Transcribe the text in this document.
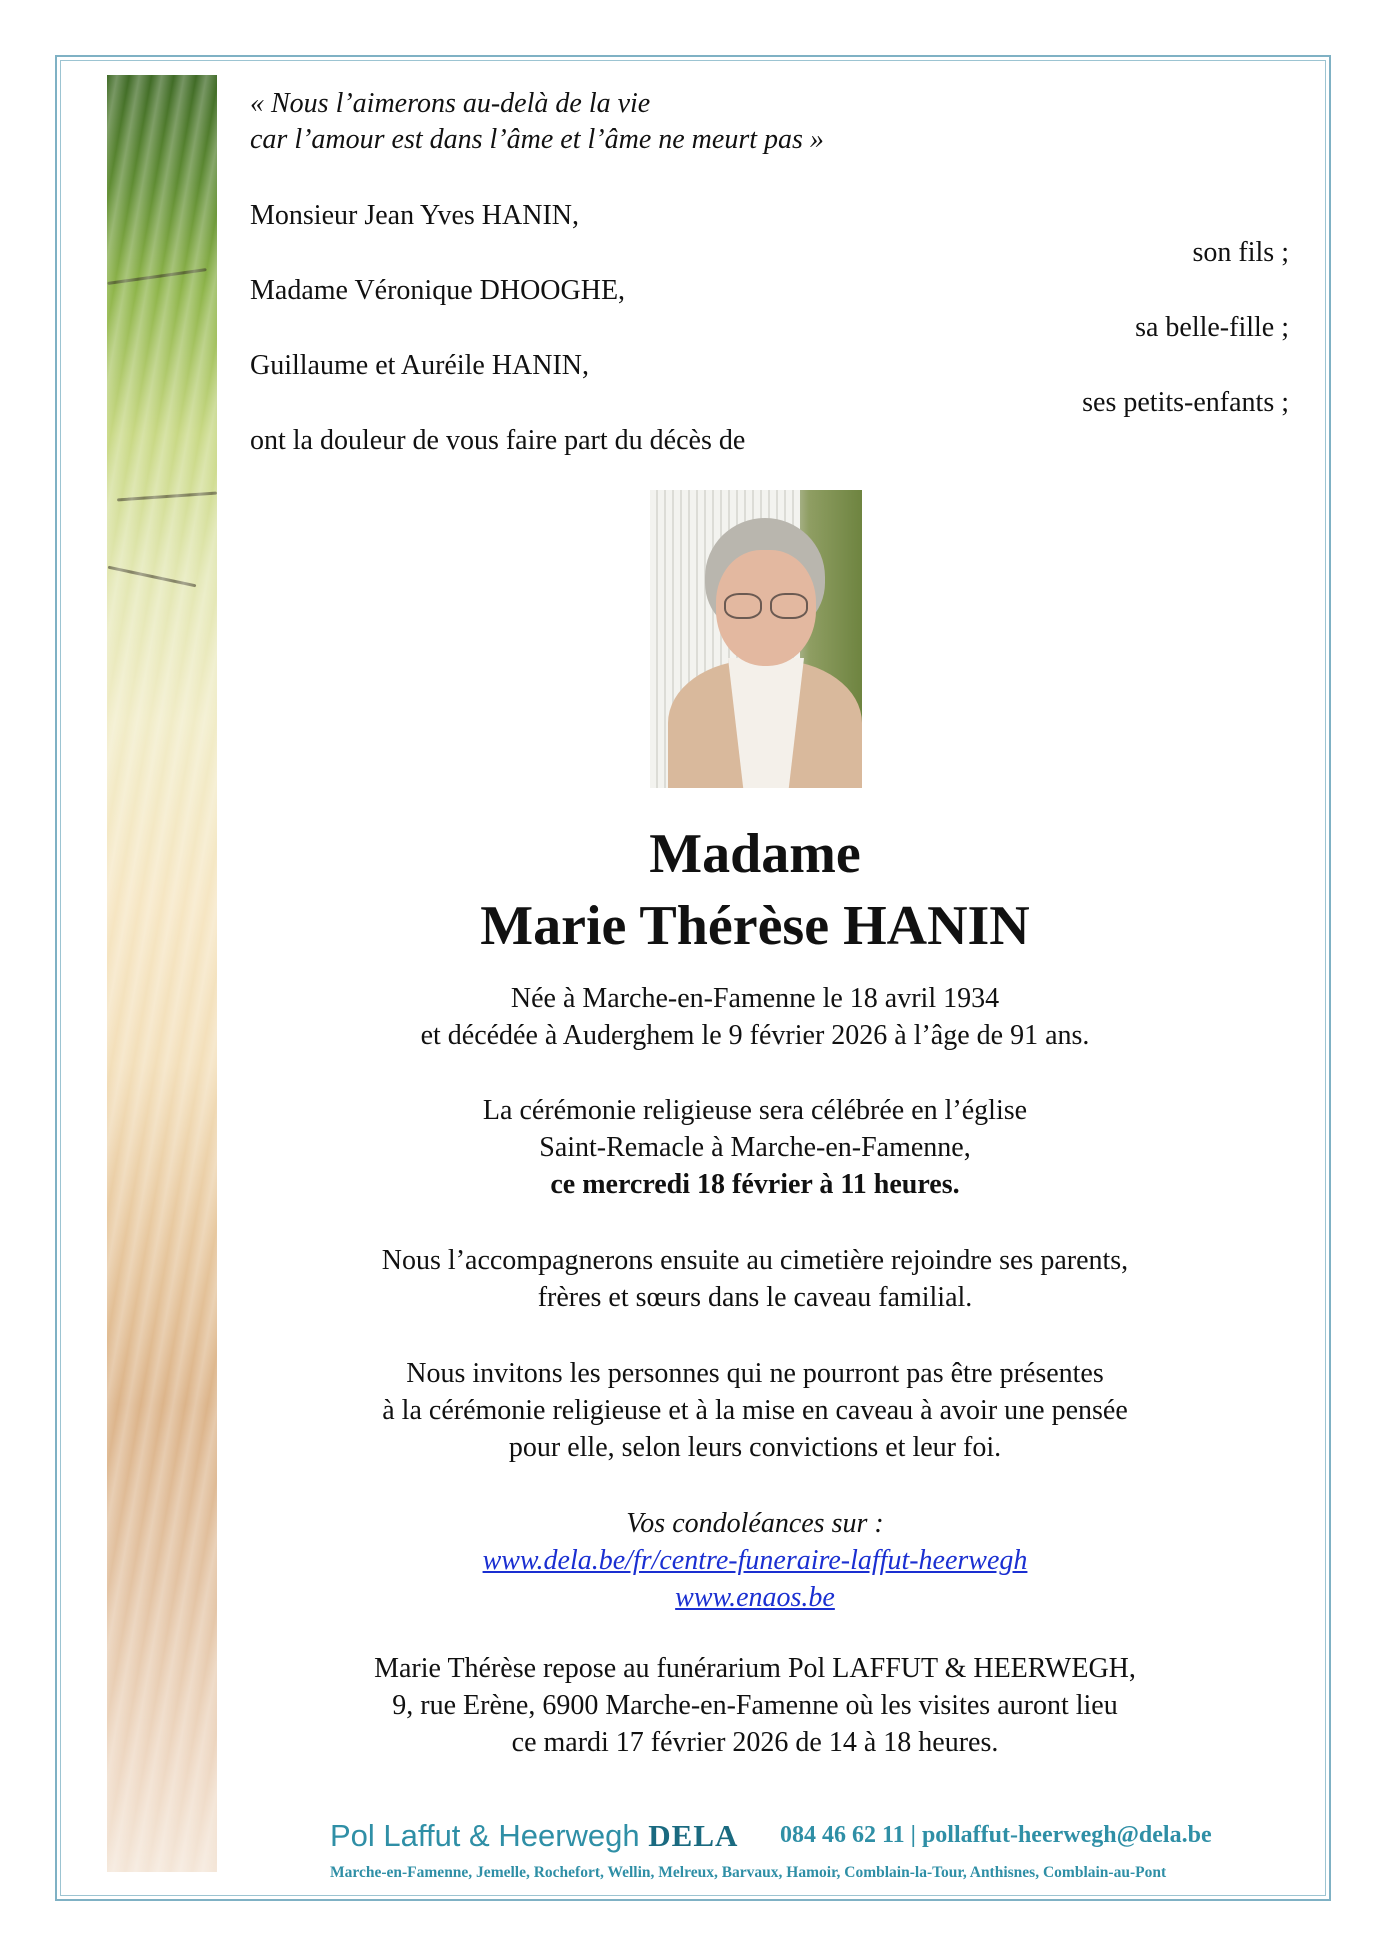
« Nous l’aimerons au-delà de la vie
car l’amour est dans l’âme et l’âme ne meurt pas »
Monsieur Jean Yves HANIN,
son fils ;
Madame Véronique DHOOGHE,
sa belle-fille ;
Guillaume et Auréile HANIN,
ses petits-enfants ;
ont la douleur de vous faire part du décès de
Madame
Marie Thérèse HANIN
Née à Marche-en-Famenne le 18 avril 1934
et décédée à Auderghem le 9 février 2026 à l’âge de 91 ans.
La cérémonie religieuse sera célébrée en l’église
Saint-Remacle à Marche-en-Famenne,
ce mercredi 18 février à 11 heures.
Nous l’accompagnerons ensuite au cimetière rejoindre ses parents,
frères et sœurs dans le caveau familial.
Nous invitons les personnes qui ne pourront pas être présentes
à la cérémonie religieuse et à la mise en caveau à avoir une pensée
pour elle, selon leurs convictions et leur foi.
Vos condoléances sur :
www.dela.be/fr/centre-funeraire-laffut-heerwegh
www.enaos.be
Marie Thérèse repose au funérarium Pol LAFFUT & HEERWEGH,
9, rue Erène, 6900 Marche-en-Famenne où les visites auront lieu
ce mardi 17 février 2026 de 14 à 18 heures.
Pol Laffut & Heerwegh DELA 084 46 62 11 | pollaffut-heerwegh@dela.be
Marche-en-Famenne, Jemelle, Rochefort, Wellin, Melreux, Barvaux, Hamoir, Comblain-la-Tour, Anthisnes, Comblain-au-Pont
